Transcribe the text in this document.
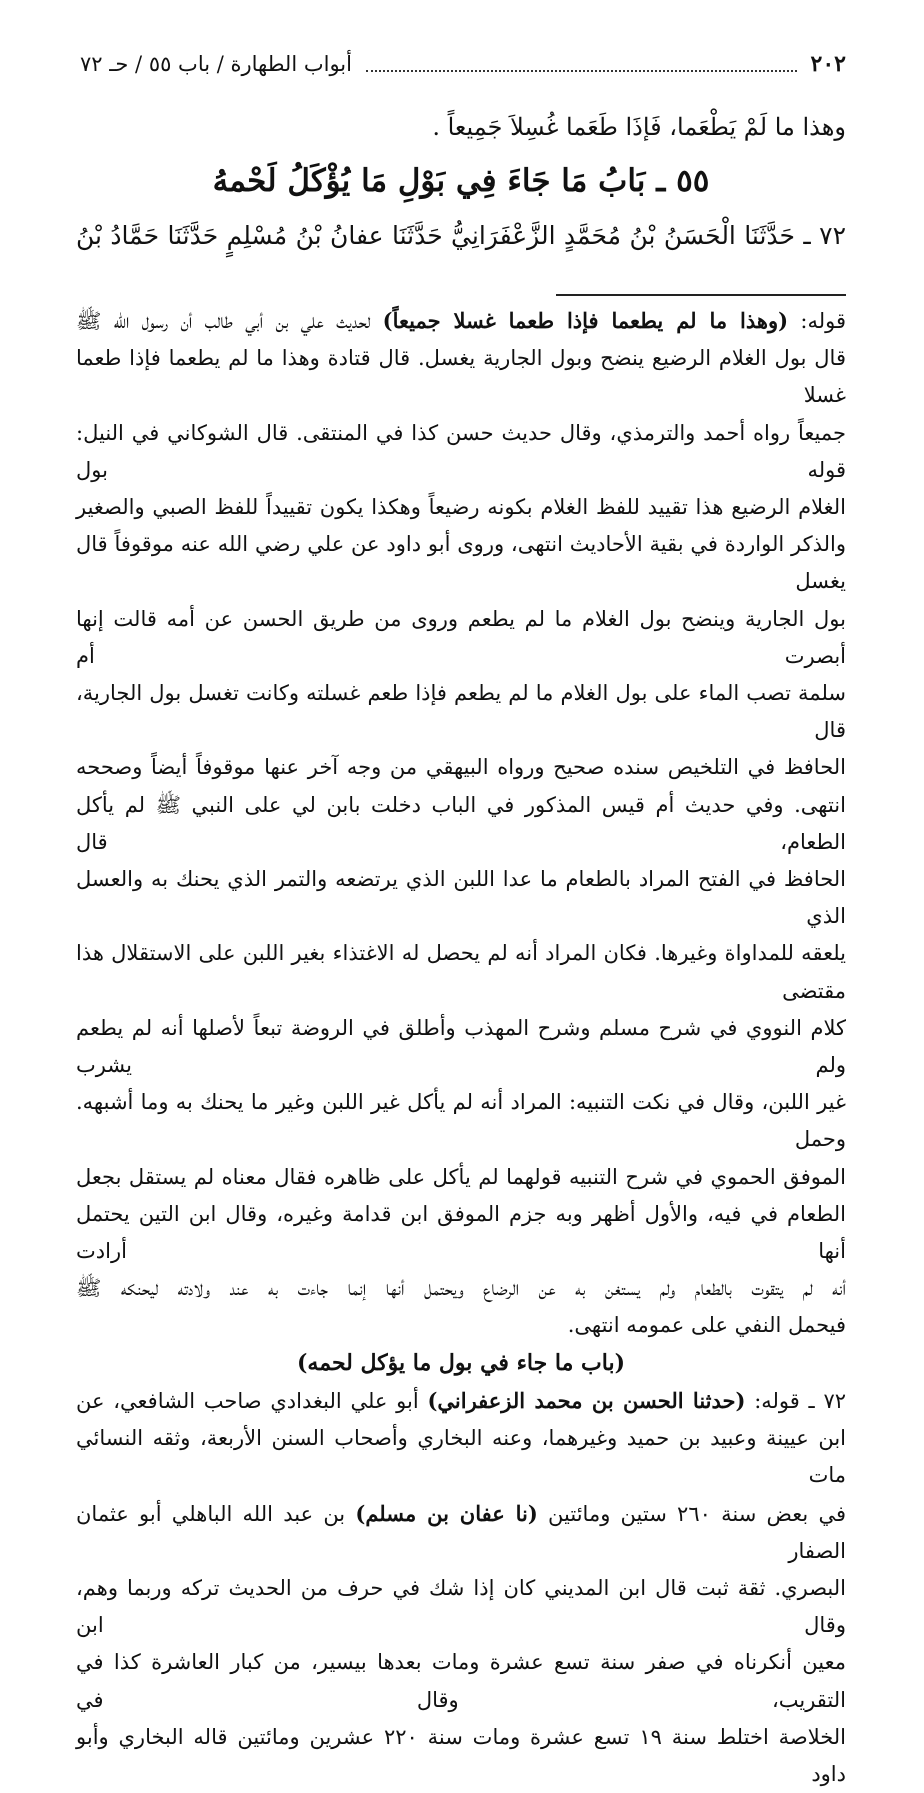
٢٠٢
أبواب الطهارة / باب ٥٥ / حـ ٧٢

وهذا ما لَمْ يَطْعَما، فَإذَا طَعَما غُسِلاَ جَمِيعاً .

٥٥ ـ بَابُ مَا جَاءَ فِي بَوْلِ مَا يُؤْكَلُ لَحْمهُ

٧٢ ـ حَدَّثَنَا الْحَسَنُ بْنُ مُحَمَّدٍ الزَّعْفَرَانِيُّ حَدَّثَنَا عفانُ بْنُ مُسْلِمٍ حَدَّثَنَا حَمَّادُ بْنُ

قوله: (وهذا ما لم يطعما فإذا طعما غسلا جميعاً) لحديث علي بن أبي طالب أن رسول الله ﷺ

قال بول الغلام الرضيع ينضح وبول الجارية يغسل. قال قتادة وهذا ما لم يطعما فإذا طعما غسلا

جميعاً رواه أحمد والترمذي، وقال حديث حسن كذا في المنتقى. قال الشوكاني في النيل: قوله بول

الغلام الرضيع هذا تقييد للفظ الغلام بكونه رضيعاً وهكذا يكون تقييداً للفظ الصبي والصغير

والذكر الواردة في بقية الأحاديث انتهى، وروى أبو داود عن علي رضي الله عنه موقوفاً قال يغسل

بول الجارية وينضح بول الغلام ما لم يطعم وروى من طريق الحسن عن أمه قالت إنها أبصرت أم

سلمة تصب الماء على بول الغلام ما لم يطعم فإذا طعم غسلته وكانت تغسل بول الجارية، قال

الحافظ في التلخيص سنده صحيح ورواه البيهقي من وجه آخر عنها موقوفاً أيضاً وصححه

انتهى. وفي حديث أم قيس المذكور في الباب دخلت بابن لي على النبي ﷺ لم يأكل الطعام، قال

الحافظ في الفتح المراد بالطعام ما عدا اللبن الذي يرتضعه والتمر الذي يحنك به والعسل الذي

يلعقه للمداواة وغيرها. فكان المراد أنه لم يحصل له الاغتذاء بغير اللبن على الاستقلال هذا مقتضى

كلام النووي في شرح مسلم وشرح المهذب وأطلق في الروضة تبعاً لأصلها أنه لم يطعم ولم يشرب

غير اللبن، وقال في نكت التنبيه: المراد أنه لم يأكل غير اللبن وغير ما يحنك به وما أشبهه. وحمل

الموفق الحموي في شرح التنبيه قولهما لم يأكل على ظاهره فقال معناه لم يستقل بجعل

الطعام في فيه، والأول أظهر وبه جزم الموفق ابن قدامة وغيره، وقال ابن التين يحتمل أنها أرادت

أنه لم يتقوت بالطعام ولم يستغن به عن الرضاع ويحتمل أنها إنما جاءت به عند ولادته ليحنكه ﷺ

فيحمل النفي على عمومه انتهى.

(باب ما جاء في بول ما يؤكل لحمه)

٧٢ ـ قوله: (حدثنا الحسن بن محمد الزعفراني) أبو علي البغدادي صاحب الشافعي، عن

ابن عيينة وعبيد بن حميد وغيرهما، وعنه البخاري وأصحاب السنن الأربعة، وثقه النسائي مات

في بعض سنة ٢٦٠ ستين ومائتين (نا عفان بن مسلم) بن عبد الله الباهلي أبو عثمان الصفار

البصري. ثقة ثبت قال ابن المديني كان إذا شك في حرف من الحديث تركه وربما وهم، وقال ابن

معين أنكرناه في صفر سنة تسع عشرة ومات بعدها بيسير، من كبار العاشرة كذا في التقريب، وقال في

الخلاصة اختلط سنة ١٩ تسع عشرة ومات سنة ٢٢٠ عشرين ومائتين قاله البخاري وأبو داود
